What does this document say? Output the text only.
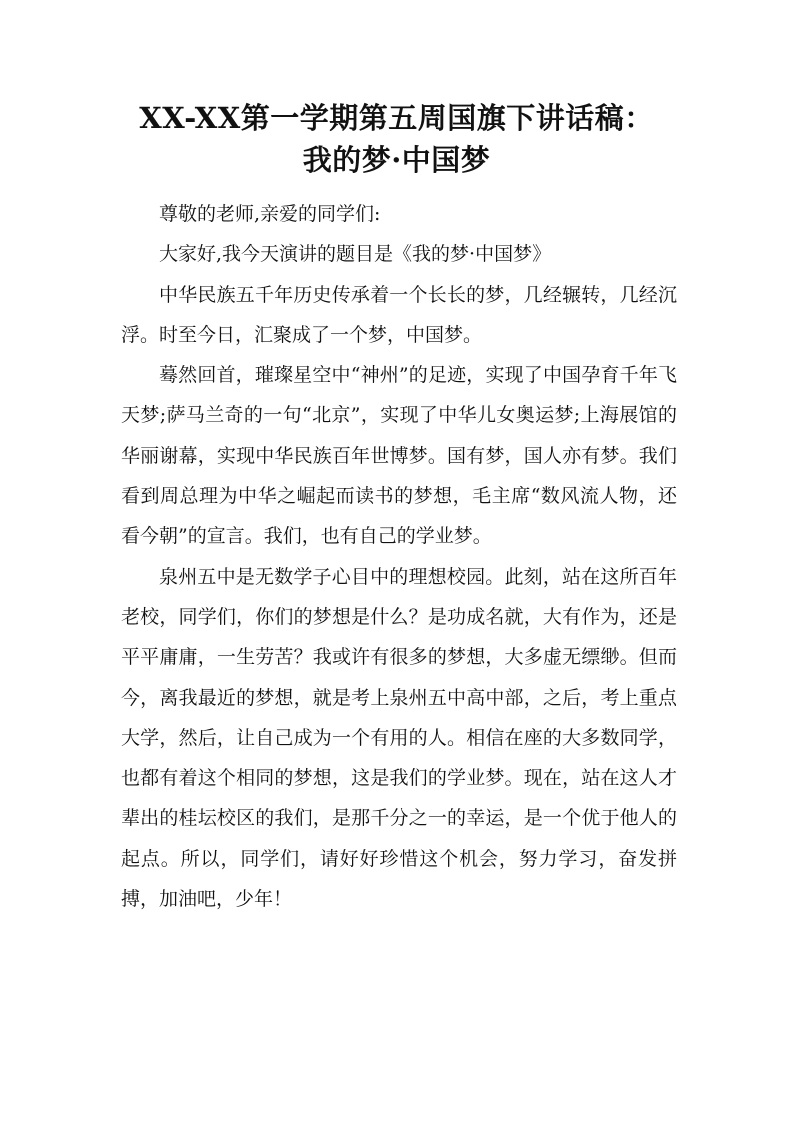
XX-XX第一学期第五周国旗下讲话稿：
我的梦·中国梦

尊敬的老师,亲爱的同学们:

大家好,我今天演讲的题目是《我的梦·中国梦》

中华民族五千年历史传承着一个长长的梦，几经辗转，几经沉浮。时至今日，汇聚成了一个梦，中国梦。

蓦然回首，璀璨星空中“神州”的足迹，实现了中国孕育千年飞天梦;萨马兰奇的一句“北京”，实现了中华儿女奥运梦;上海展馆的华丽谢幕，实现中华民族百年世博梦。国有梦，国人亦有梦。我们看到周总理为中华之崛起而读书的梦想，毛主席“数风流人物，还看今朝”的宣言。我们，也有自己的学业梦。

泉州五中是无数学子心目中的理想校园。此刻，站在这所百年老校，同学们，你们的梦想是什么？是功成名就，大有作为，还是平平庸庸，一生劳苦？我或许有很多的梦想，大多虚无缥缈。但而今，离我最近的梦想，就是考上泉州五中高中部，之后，考上重点大学，然后，让自己成为一个有用的人。相信在座的大多数同学，也都有着这个相同的梦想，这是我们的学业梦。现在，站在这人才辈出的桂坛校区的我们，是那千分之一的幸运，是一个优于他人的起点。所以，同学们，请好好珍惜这个机会，努力学习，奋发拼搏，加油吧，少年！
